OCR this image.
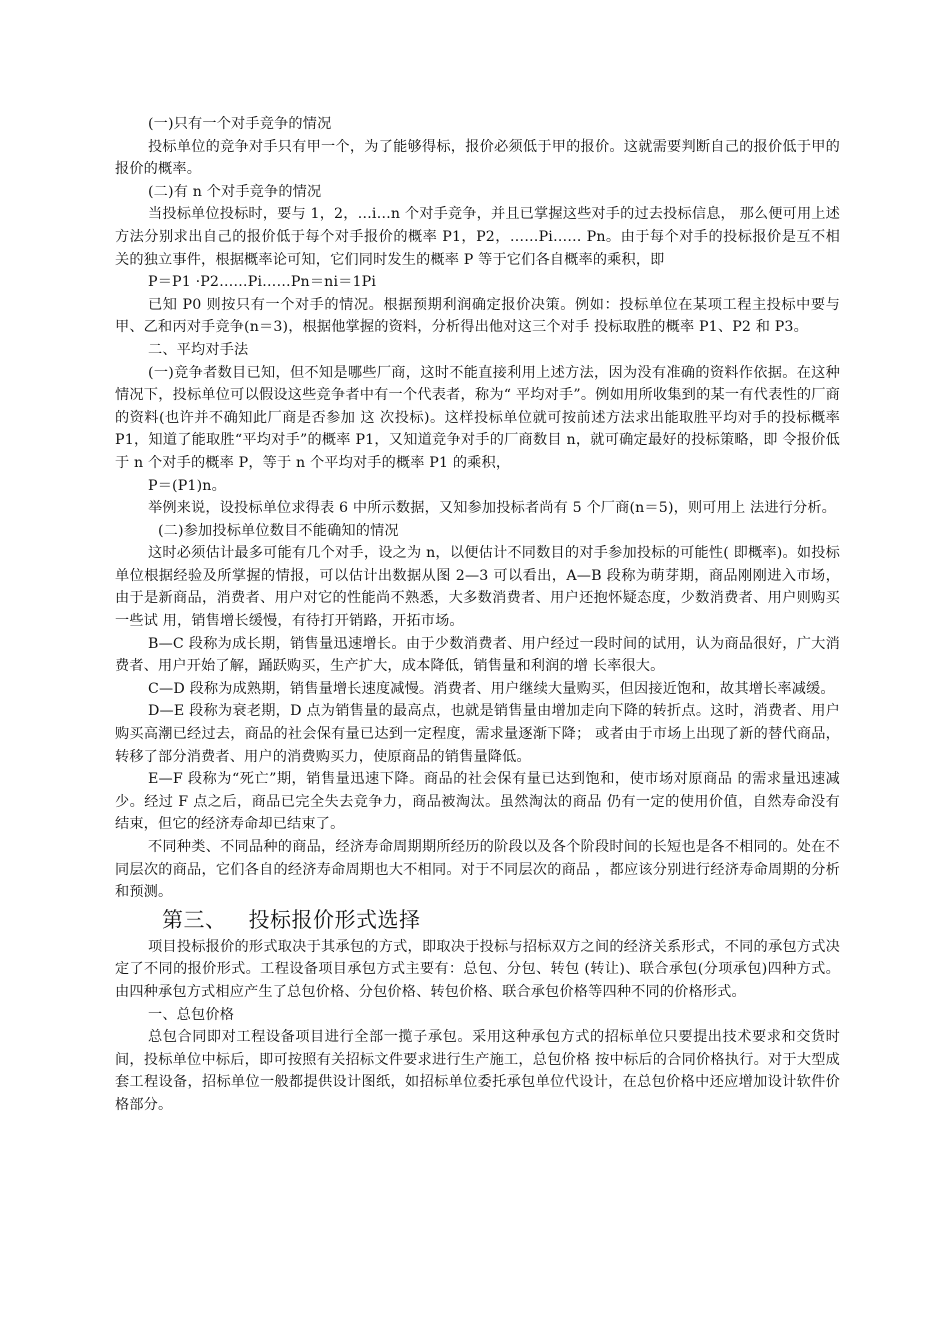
(一)只有一个对手竞争的情况

投标单位的竞争对手只有甲一个，为了能够得标，报价必须低于甲的报价。这就需要判断自己的报价低于甲的报价的概率。

(二)有 n 个对手竞争的情况

当投标单位投标时，要与 1，2，…i…n 个对手竞争，并且已掌握这些对手的过去投标信息， 那么便可用上述方法分别求出自己的报价低于每个对手报价的概率 P1，P2，……Pi…… Pn。由于每个对手的投标报价是互不相关的独立事件，根据概率论可知，它们同时发生的概率 P 等于它们各自概率的乘积，即

P＝P1 ·P2……Pi……Pn＝ni＝1Pi

已知 P0 则按只有一个对手的情况。根据预期利润确定报价决策。例如：投标单位在某项工程主投标中要与甲、乙和丙对手竞争(n＝3)，根据他掌握的资料，分析得出他对这三个对手 投标取胜的概率 P1、P2 和 P3。

二、平均对手法

(一)竞争者数目已知，但不知是哪些厂商，这时不能直接利用上述方法，因为没有准确的资料作依据。在这种情况下，投标单位可以假设这些竞争者中有一个代表者，称为“ 平均对手”。例如用所收集到的某一有代表性的厂商的资料(也许并不确知此厂商是否参加 这 次投标)。这样投标单位就可按前述方法求出能取胜平均对手的投标概率 P1，知道了能取胜“平均对手”的概率 P1，又知道竞争对手的厂商数目 n，就可确定最好的投标策略，即 令报价低于 n 个对手的概率 P，等于 n 个平均对手的概率 P1 的乘积，

P＝(P1)n。

举例来说，设投标单位求得表 6 中所示数据，又知参加投标者尚有 5 个厂商(n＝5)，则可用上 法进行分析。

(二)参加投标单位数目不能确知的情况

这时必须估计最多可能有几个对手，设之为 n，以便估计不同数目的对手参加投标的可能性( 即概率)。如投标单位根据经验及所掌握的情报，可以估计出数据从图 2—3 可以看出，A—B 段称为萌芽期，商品刚刚进入市场，由于是新商品，消费者、用户对它的性能尚不熟悉，大多数消费者、用户还抱怀疑态度，少数消费者、用户则购买一些试 用，销售增长缓慢，有待打开销路，开拓市场。

B—C 段称为成长期，销售量迅速增长。由于少数消费者、用户经过一段时间的试用，认为商品很好，广大消费者、用户开始了解，踊跃购买，生产扩大，成本降低，销售量和利润的增 长率很大。

C—D 段称为成熟期，销售量增长速度减慢。消费者、用户继续大量购买，但因接近饱和，故其增长率减缓。

D—E 段称为衰老期，D 点为销售量的最高点，也就是销售量由增加走向下降的转折点。这时，消费者、用户购买高潮已经过去，商品的社会保有量已达到一定程度，需求量逐渐下降； 或者由于市场上出现了新的替代商品，转移了部分消费者、用户的消费购买力，使原商品的销售量降低。

E—F 段称为“死亡”期，销售量迅速下降。商品的社会保有量已达到饱和，使市场对原商品 的需求量迅速减少。经过 F 点之后，商品已完全失去竞争力，商品被淘汰。虽然淘汰的商品 仍有一定的使用价值，自然寿命没有结束，但它的经济寿命却已结束了。

不同种类、不同品种的商品，经济寿命周期期所经历的阶段以及各个阶段时间的长短也是各不相同的。处在不同层次的商品，它们各自的经济寿命周期也大不相同。对于不同层次的商品 ，都应该分别进行经济寿命周期的分析和预测。

第三、 投标报价形式选择

项目投标报价的形式取决于其承包的方式，即取决于投标与招标双方之间的经济关系形式，不同的承包方式决定了不同的报价形式。工程设备项目承包方式主要有：总包、分包、转包 (转让)、联合承包(分项承包)四种方式。由四种承包方式相应产生了总包价格、分包价格、转包价格、联合承包价格等四种不同的价格形式。

一、总包价格

总包合同即对工程设备项目进行全部一揽子承包。采用这种承包方式的招标单位只要提出技术要求和交货时间，投标单位中标后，即可按照有关招标文件要求进行生产施工，总包价格 按中标后的合同价格执行。对于大型成套工程设备，招标单位一般都提供设计图纸，如招标单位委托承包单位代设计，在总包价格中还应增加设计软件价格部分。
